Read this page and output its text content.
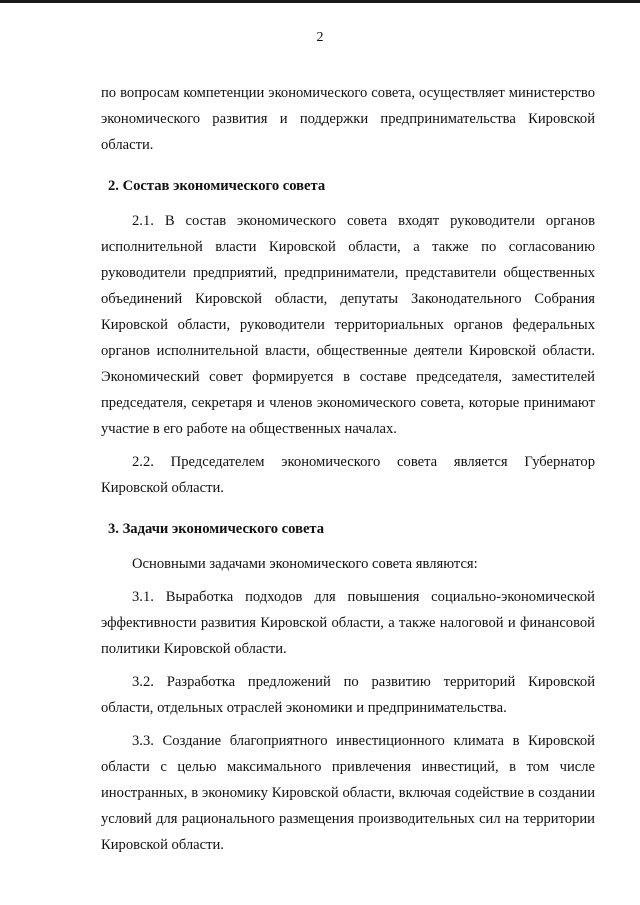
2

по вопросам компетенции экономического совета, осуществляет министерство экономического развития и поддержки предпринимательства Кировской области.

2. Состав экономического совета

2.1. В состав экономического совета входят руководители органов исполнительной власти Кировской области, а также по согласованию руководители предприятий, предприниматели, представители общественных объединений Кировской области, депутаты Законодательного Собрания Кировской области, руководители территориальных органов федеральных органов исполнительной власти, общественные деятели Кировской области. Экономический совет формируется в составе председателя, заместителей председателя, секретаря и членов экономического совета, которые принимают участие в его работе на общественных началах.

2.2. Председателем экономического совета является Губернатор Кировской области.

3. Задачи экономического совета

Основными задачами экономического совета являются:

3.1. Выработка подходов для повышения социально-экономической эффективности развития Кировской области, а также налоговой и финансовой политики Кировской области.

3.2. Разработка предложений по развитию территорий Кировской области, отдельных отраслей экономики и предпринимательства.

3.3. Создание благоприятного инвестиционного климата в Кировской области с целью максимального привлечения инвестиций, в том числе иностранных, в экономику Кировской области, включая содействие в создании условий для рационального размещения производительных сил на территории Кировской области.
